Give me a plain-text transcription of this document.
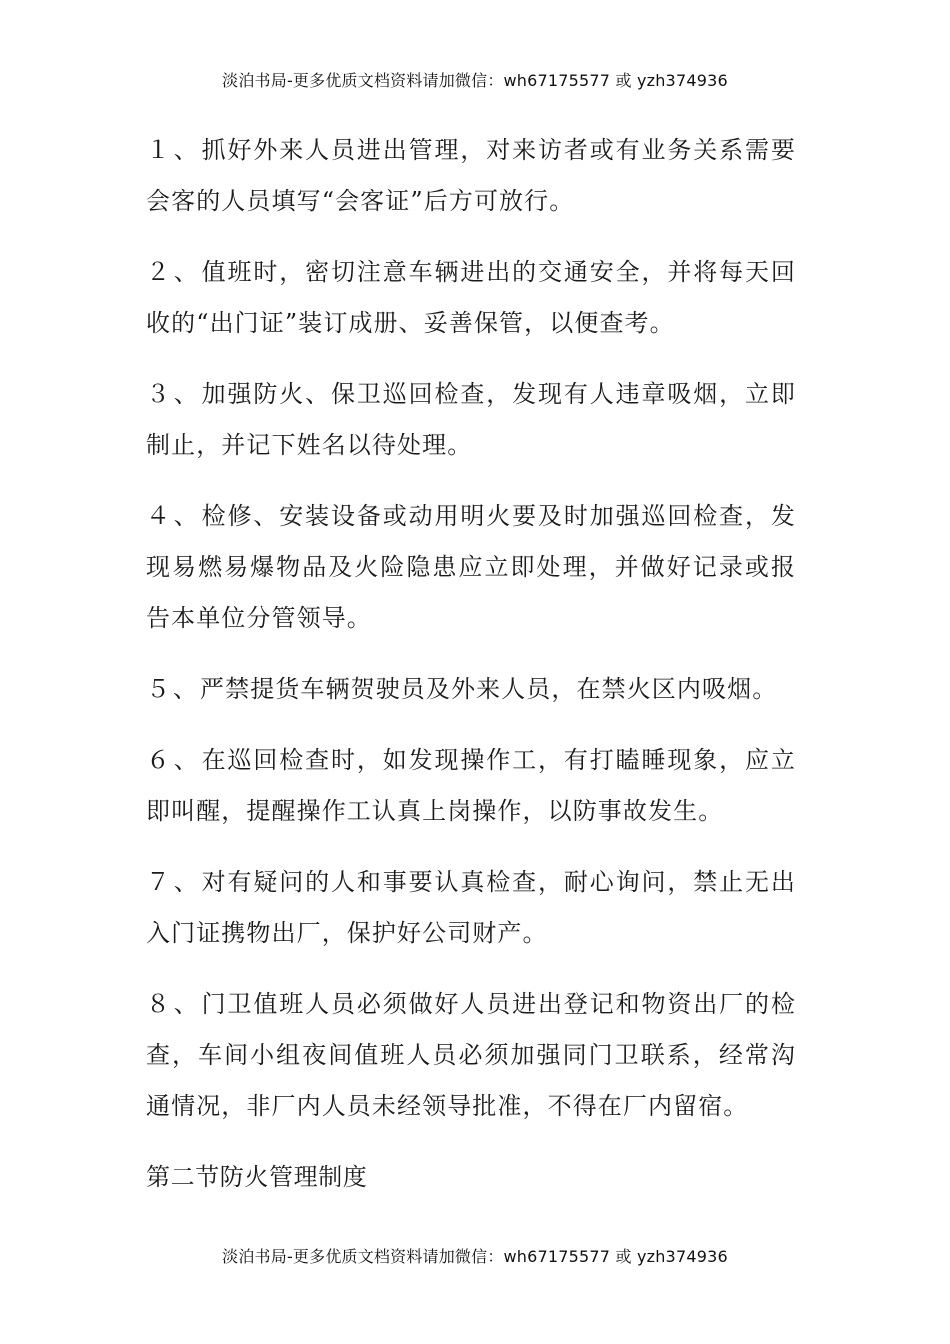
淡泊书局-更多优质文档资料请加微信：wh67175577 或 yzh374936

１、抓好外来人员进出管理，对来访者或有业务关系需要会客的人员填写“会客证”后方可放行。

２、值班时，密切注意车辆进出的交通安全，并将每天回收的“出门证”装订成册、妥善保管，以便查考。

３、加强防火、保卫巡回检查，发现有人违章吸烟，立即制止，并记下姓名以待处理。

４、检修、安装设备或动用明火要及时加强巡回检查，发现易燃易爆物品及火险隐患应立即处理，并做好记录或报告本单位分管领导。

５、严禁提货车辆贺驶员及外来人员，在禁火区内吸烟。

６、在巡回检查时，如发现操作工，有打瞌睡现象，应立即叫醒，提醒操作工认真上岗操作，以防事故发生。

７、对有疑问的人和事要认真检查，耐心询问，禁止无出入门证携物出厂，保护好公司财产。

８、门卫值班人员必须做好人员进出登记和物资出厂的检查，车间小组夜间值班人员必须加强同门卫联系，经常沟通情况，非厂内人员未经领导批准，不得在厂内留宿。

第二节防火管理制度

淡泊书局-更多优质文档资料请加微信：wh67175577 或 yzh374936
